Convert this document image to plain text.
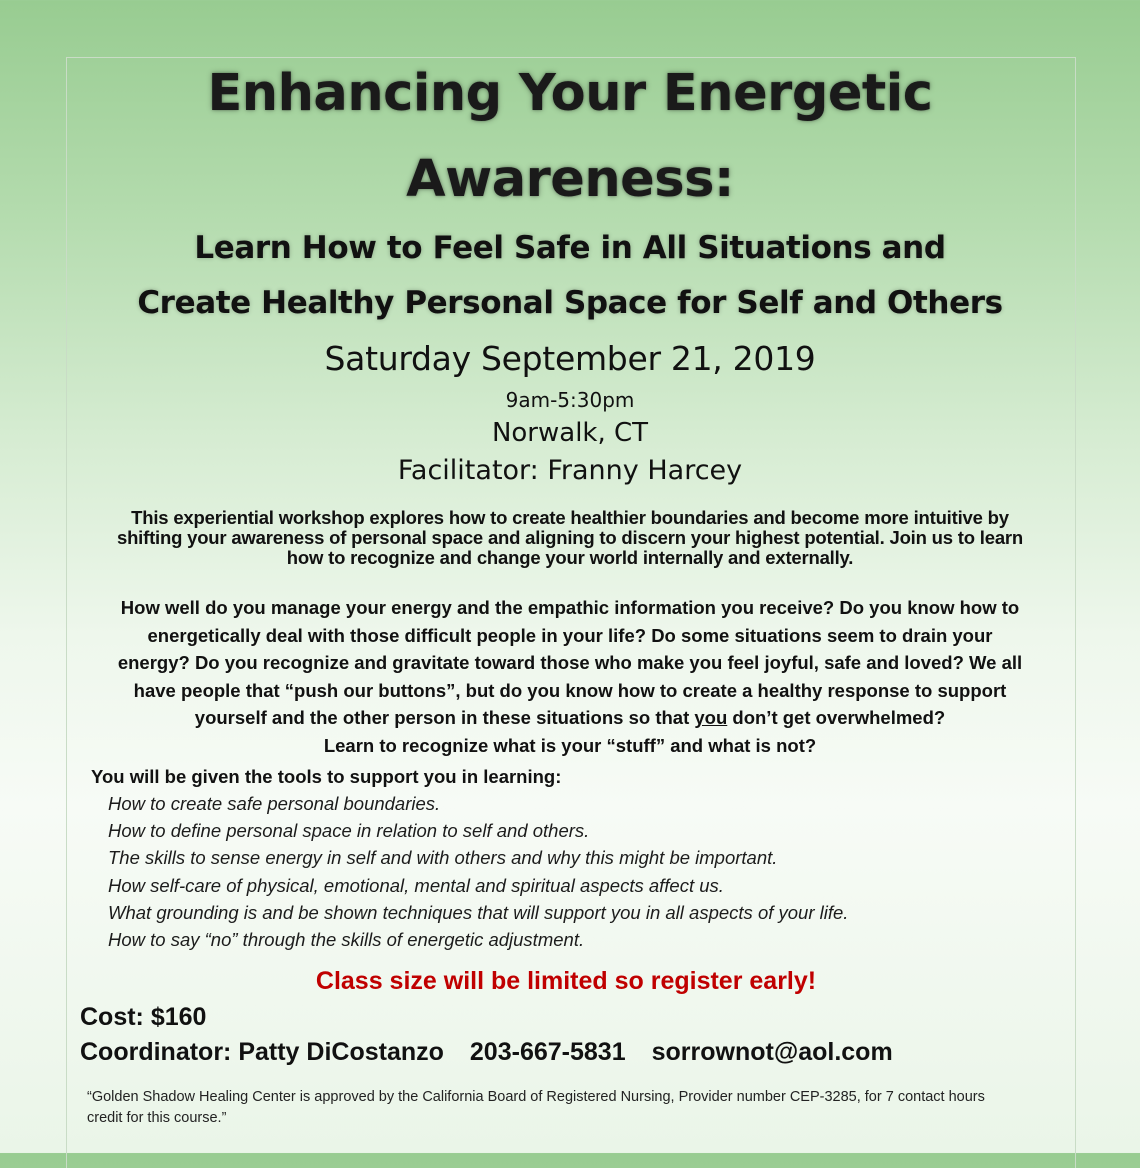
Enhancing Your Energetic
Awareness:
Learn How to Feel Safe in All Situations and
Create Healthy Personal Space for Self and Others
Saturday September 21, 2019
9am-5:30pm
Norwalk, CT
Facilitator: Franny Harcey
This experiential workshop explores how to create healthier boundaries and become more intuitive by
shifting your awareness of personal space and aligning to discern your highest potential. Join us to learn
how to recognize and change your world internally and externally.
How well do you manage your energy and the empathic information you receive? Do you know how to
energetically deal with those difficult people in your life? Do some situations seem to drain your
energy? Do you recognize and gravitate toward those who make you feel joyful, safe and loved? We all
have people that “push our buttons”, but do you know how to create a healthy response to support
yourself and the other person in these situations so that you don’t get overwhelmed?
Learn to recognize what is your “stuff” and what is not?
You will be given the tools to support you in learning:
How to create safe personal boundaries.
How to define personal space in relation to self and others.
The skills to sense energy in self and with others and why this might be important.
How self-care of physical, emotional, mental and spiritual aspects affect us.
What grounding is and be shown techniques that will support you in all aspects of your life.
How to say “no” through the skills of energetic adjustment.
Class size will be limited so register early!
Cost: $160
Coordinator: Patty DiCostanzo 203-667-5831 sorrownot@aol.com
“Golden Shadow Healing Center is approved by the California Board of Registered Nursing, Provider number CEP-3285, for 7 contact hours
credit for this course.”
